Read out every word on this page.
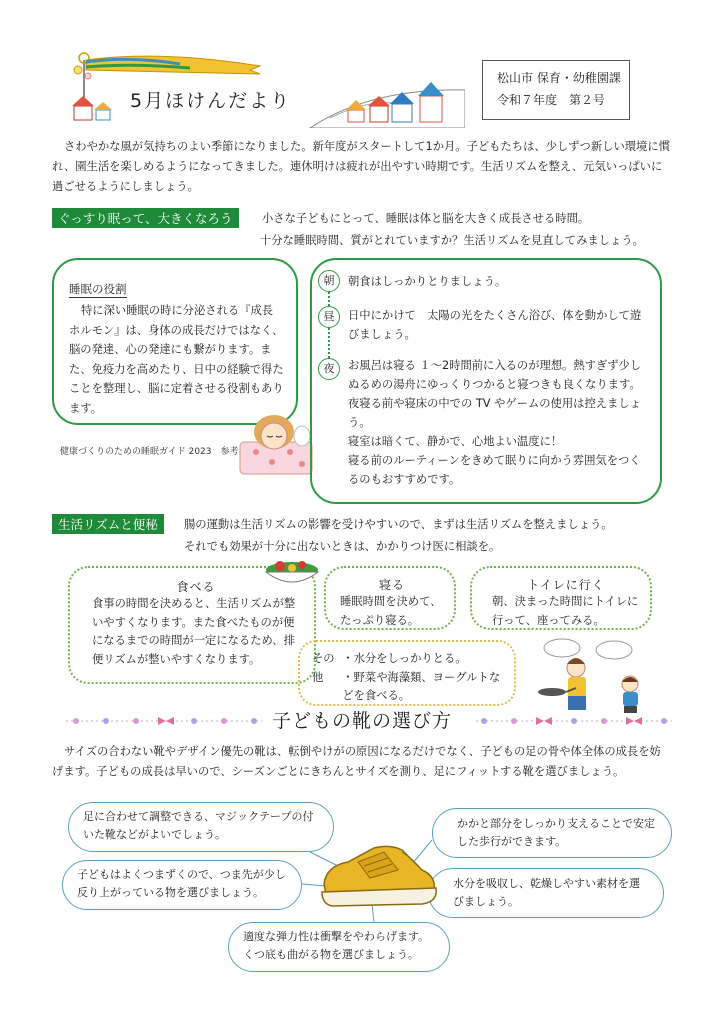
5月ほけんだより
松山市 保育・幼稚園課
令和７年度　第２号

さわやかな風が気持ちのよい季節になりました。新年度がスタートして1か月。子どもたちは、少しずつ新しい環境に慣れ、園生活を楽しめるようになってきました。連休明けは疲れが出やすい時期です。生活リズムを整え、元気いっぱいに過ごせるようにしましょう。

ぐっすり眠って、大きくなろう	小さな子どもにとって、睡眠は体と脳を大きく成長させる時間。
十分な睡眠時間、質がとれていますか？生活リズムを見直してみましょう。
睡眠の役割

特に深い睡眠の時に分泌される『成長ホルモン』は、身体の成長だけではなく、脳の発達、心の発達にも繋がります。また、免疫力を高めたり、日中の経験で得たことを整理し、脳に定着させる役割もあります。

健康づくりのための睡眠ガイド 2023　参考
朝	朝食はしっかりとりましょう。
昼	日中にかけて　太陽の光をたくさん浴び、体を動かして遊びましょう。
夜	お風呂は寝る １～2時間前に入るのが理想。熱すぎず少しぬるめの湯舟にゆっくりつかると寝つきも良くなります。
夜寝る前や寝床の中での TV やゲームの使用は控えましょう。
寝室は暗くて、静かで、心地よい温度に！
寝る前のルーティーンをきめて眠りに向かう雰囲気をつくるのもおすすめです。
生活リズムと便秘	腸の運動は生活リズムの影響を受けやすいので、まずは生活リズムを整えましょう。
それでも効果が十分に出ないときは、かかりつけ医に相談を。
食べる
食事の時間を決めると、生活リズムが整いやすくなります。また食べたものが便になるまでの時間が一定になるため、排便リズムが整いやすくなります。
寝る
睡眠時間を決めて、たっぷり寝る。
トイレに行く
朝、決まった時間にトイレに行って、座ってみる。
その他
・水分をしっかりとる。
・野菜や海藻類、ヨーグルトなどを食べる。
子どもの靴の選び方

サイズの合わない靴やデザイン優先の靴は、転倒やけがの原因になるだけでなく、子どもの足の骨や体全体の成長を妨げます。子どもの成長は早いので、シーズンごとにきちんとサイズを測り、足にフィットする靴を選びましょう。

足に合わせて調整できる、マジックテープの付いた靴などがよいでしょう。
かかと部分をしっかり支えることで安定した歩行ができます。
子どもはよくつまずくので、つま先が少し反り上がっている物を選びましょう。
水分を吸収し、乾燥しやすい素材を選びましょう。
適度な弾力性は衝撃をやわらげます。くつ底も曲がる物を選びましょう。
